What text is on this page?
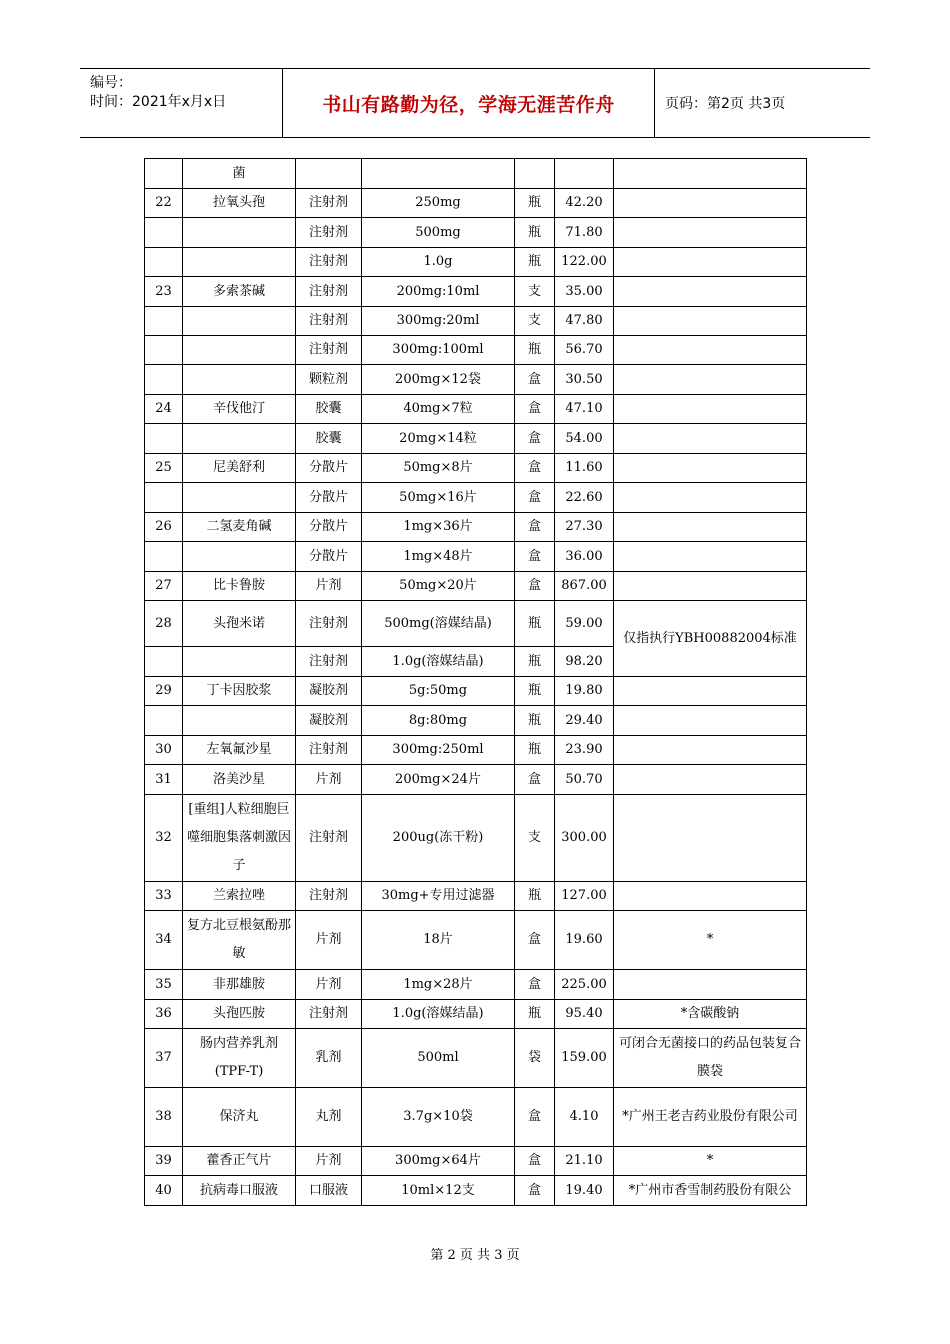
编号：
时间：2021年x月x日	书山有路勤为径，学海无涯苦作舟	页码：第2页 共3页
	菌					
22	拉氧头孢	注射剂	250mg	瓶	42.20	
		注射剂	500mg	瓶	71.80	
		注射剂	1.0g	瓶	122.00	
23	多索茶碱	注射剂	200mg:10ml	支	35.00	
		注射剂	300mg:20ml	支	47.80	
		注射剂	300mg:100ml	瓶	56.70	
		颗粒剂	200mg×12袋	盒	30.50	
24	辛伐他汀	胶囊	40mg×7粒	盒	47.10	
		胶囊	20mg×14粒	盒	54.00	
25	尼美舒利	分散片	50mg×8片	盒	11.60	
		分散片	50mg×16片	盒	22.60	
26	二氢麦角碱	分散片	1mg×36片	盒	27.30	
		分散片	1mg×48片	盒	36.00	
27	比卡鲁胺	片剂	50mg×20片	盒	867.00	
28	头孢米诺	注射剂	500mg(溶媒结晶)	瓶	59.00	仅指执行YBH00882004标准
		注射剂	1.0g(溶媒结晶)	瓶	98.20	
29	丁卡因胶浆	凝胶剂	5g:50mg	瓶	19.80	
		凝胶剂	8g:80mg	瓶	29.40	
30	左氧氟沙星	注射剂	300mg:250ml	瓶	23.90	
31	洛美沙星	片剂	200mg×24片	盒	50.70	
32	[重组]人粒细胞巨噬细胞集落刺激因子	注射剂	200ug(冻干粉)	支	300.00	
33	兰索拉唑	注射剂	30mg+专用过滤器	瓶	127.00	
34	复方北豆根氨酚那敏	片剂	18片	盒	19.60	*
35	非那雄胺	片剂	1mg×28片	盒	225.00	
36	头孢匹胺	注射剂	1.0g(溶媒结晶)	瓶	95.40	*含碳酸钠
37	肠内营养乳剂(TPF-T)	乳剂	500ml	袋	159.00	可闭合无菌接口的药品包装复合膜袋
38	保济丸	丸剂	3.7g×10袋	盒	4.10	*广州王老吉药业股份有限公司
39	藿香正气片	片剂	300mg×64片	盒	21.10	*
40	抗病毒口服液	口服液	10ml×12支	盒	19.40	*广州市香雪制药股份有限公
第 2 页 共 3 页
